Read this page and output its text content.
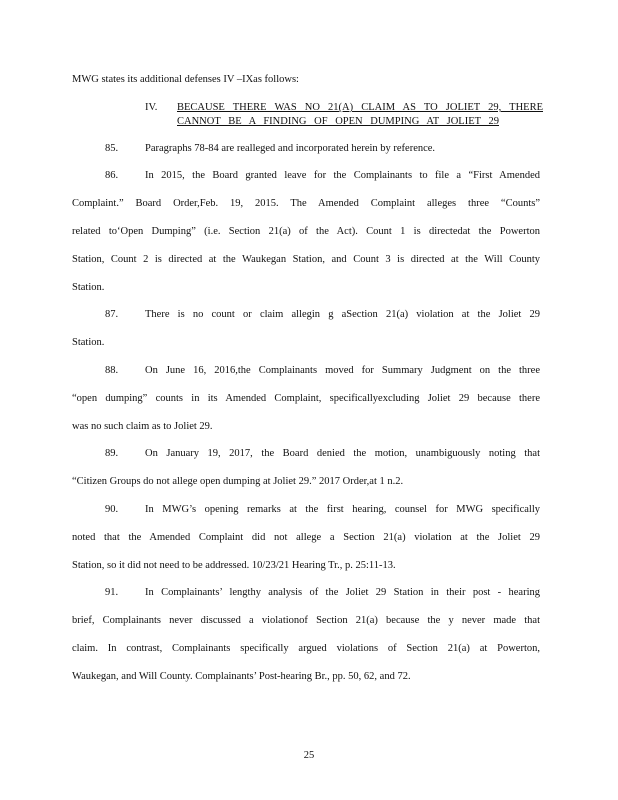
MWG states its additional defenses IV –IXas follows:
IV. BECAUSE THERE WAS NO 21(A) CLAIM AS TO JOLIET 29, THERE
CANNOT BE A FINDING OF OPEN DUMPING AT JOLIET 29
85.	Paragraphs 78-84 are realleged and incorporated herein by reference.
86.	In 2015, the Board granted leave for the Complainants to file a “First Amended
Complaint.” Board Order,Feb. 19, 2015. The Amended Complaint alleges three “Counts”
related to‘Open Dumping” (i.e. Section 21(a) of the Act). Count 1 is directedat the Powerton
Station, Count 2 is directed at the Waukegan Station, and Count 3 is directed at the Will County
Station.
87.	There is no count or claim allegin g aSection 21(a) violation at the Joliet 29
Station.
88.	On June 16, 2016,the Complainants moved for Summary Judgment on the three
“open dumping” counts in its Amended Complaint, specificallyexcluding Joliet 29 because there
was no such claim as to Joliet 29.
89.	On January 19, 2017, the Board denied the motion, unambiguously noting that
“Citizen Groups do not allege open dumping at Joliet 29.” 2017 Order,at 1 n.2.
90.	In MWG’s opening remarks at the first hearing, counsel for MWG specifically
noted that the Amended Complaint did not allege a Section 21(a) violation at the Joliet 29
Station, so it did not need to be addressed. 10/23/21 Hearing Tr., p. 25:11-13.
91.	In Complainants’ lengthy analysis of the Joliet 29 Station in their post - hearing
brief, Complainants never discussed a violationof Section 21(a) because the y never made that
claim. In contrast, Complainants specifically argued violations of Section 21(a) at Powerton,
Waukegan, and Will County. Complainants’ Post-hearing Br., pp. 50, 62, and 72.
25
